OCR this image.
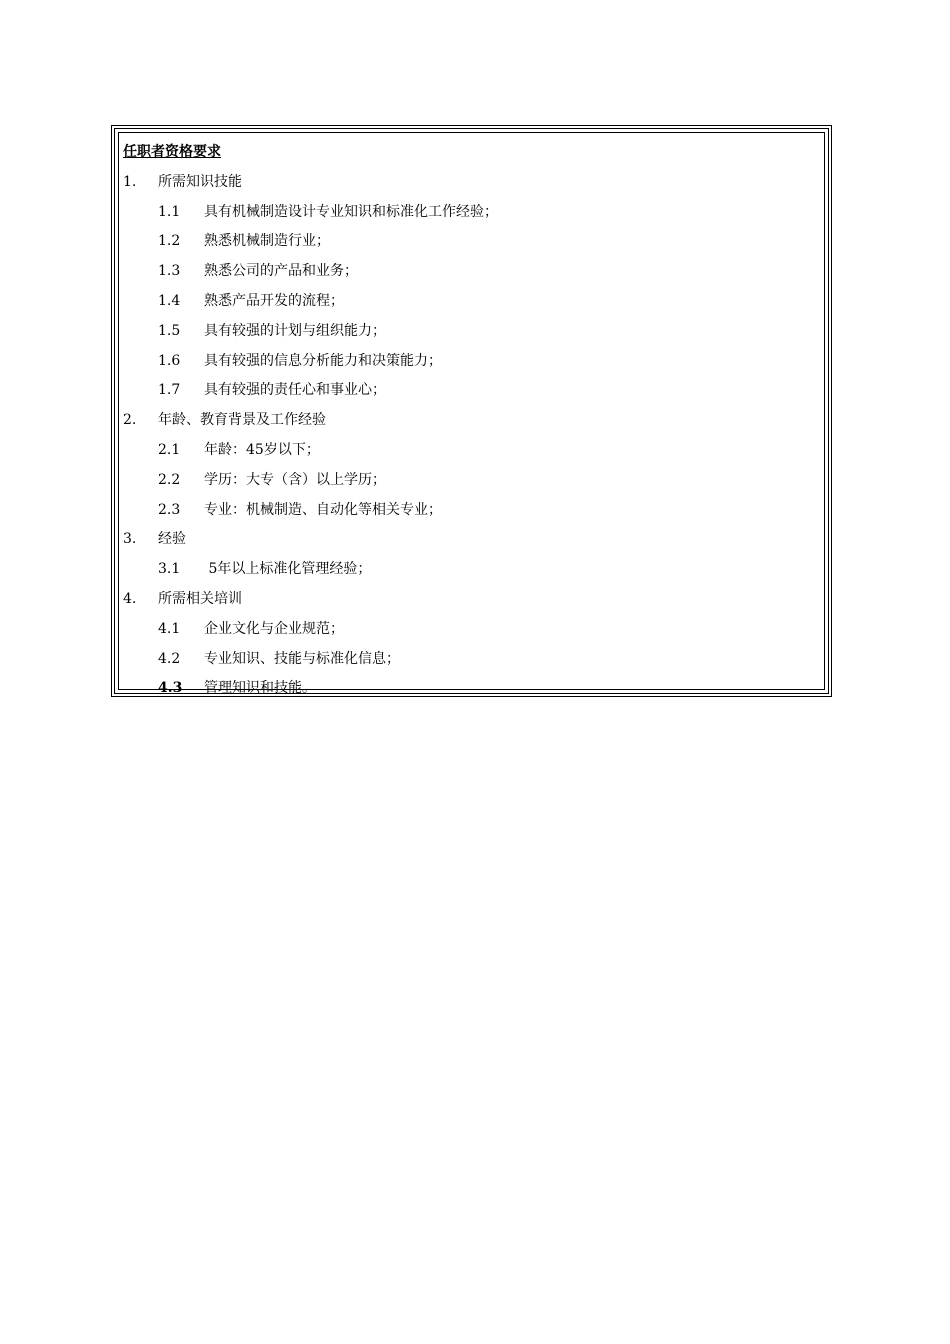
任职者资格要求
1. 所需知识技能
1.1 具有机械制造设计专业知识和标准化工作经验；
1.2 熟悉机械制造行业；
1.3 熟悉公司的产品和业务；
1.4 熟悉产品开发的流程；
1.5 具有较强的计划与组织能力；
1.6 具有较强的信息分析能力和决策能力；
1.7 具有较强的责任心和事业心；
2. 年龄、教育背景及工作经验
2.1 年龄：45岁以下；
2.2 学历：大专（含）以上学历；
2.3 专业：机械制造、自动化等相关专业；
3. 经验
3.1 5年以上标准化管理经验；
4. 所需相关培训
4.1 企业文化与企业规范；
4.2 专业知识、技能与标准化信息；
4.3 管理知识和技能。
